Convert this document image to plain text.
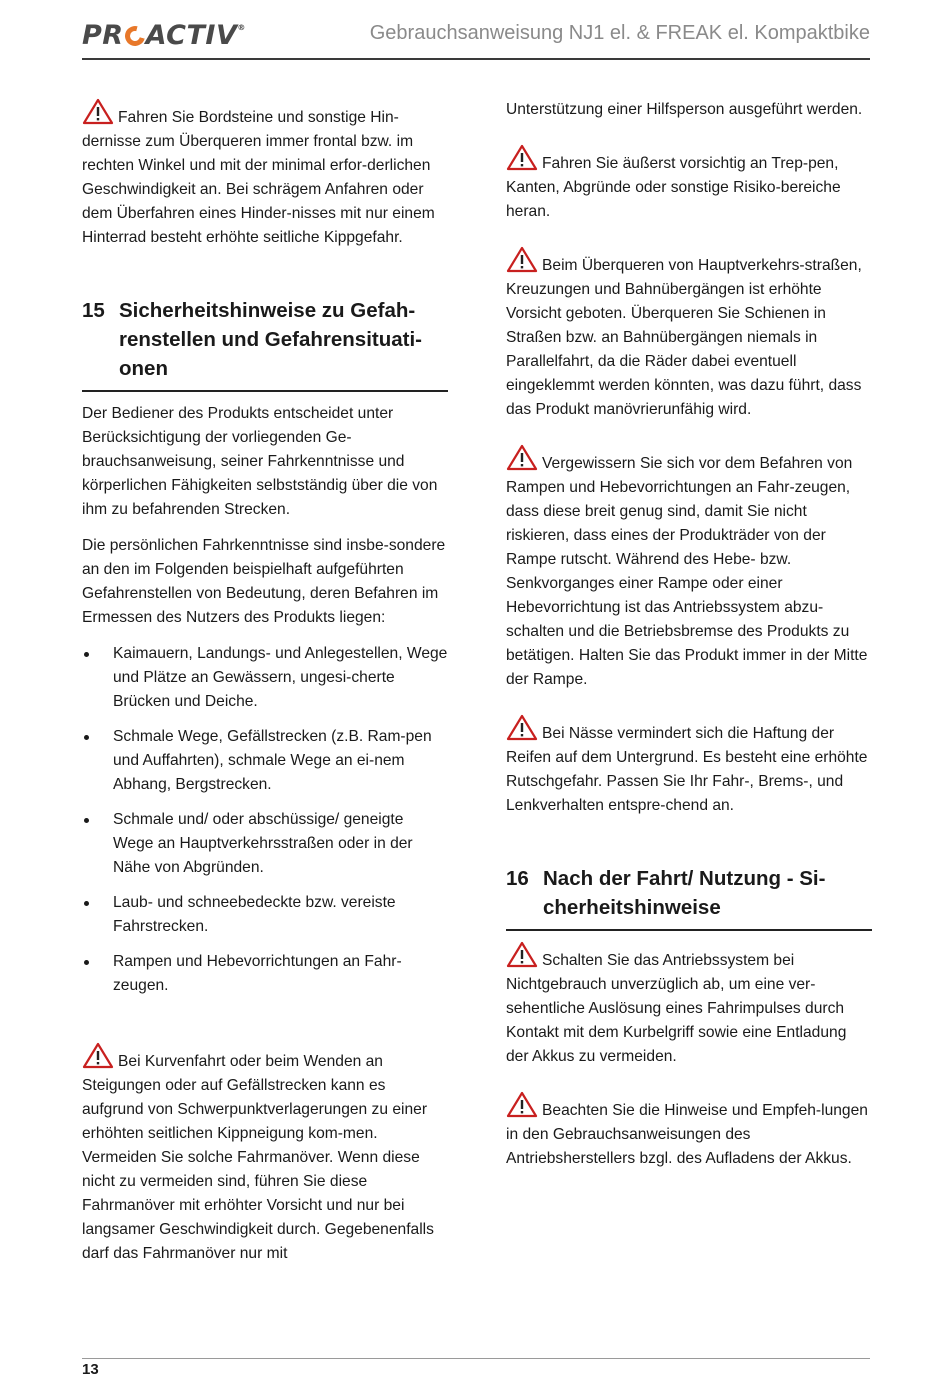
PR ACTIV®	Gebrauchsanweisung NJ1 el. & FREAK el. Kompaktbike

Fahren Sie Bordsteine und sonstige Hin-dernisse zum Überqueren immer frontal bzw. im rechten Winkel und mit der minimal erfor-derlichen Geschwindigkeit an. Bei schrägem Anfahren oder dem Überfahren eines Hinder-nisses mit nur einem Hinterrad besteht erhöhte seitliche Kippgefahr.

15 Sicherheitshinweise zu Gefah-renstellen und Gefahrensituati-onen

Der Bediener des Produkts entscheidet unter Berücksichtigung der vorliegenden Ge-brauchsanweisung, seiner Fahrkenntnisse und körperlichen Fähigkeiten selbstständig über die von ihm zu befahrenden Strecken.

Die persönlichen Fahrkenntnisse sind insbe-sondere an den im Folgenden beispielhaft aufgeführten Gefahrenstellen von Bedeutung, deren Befahren im Ermessen des Nutzers des Produkts liegen:

Kaimauern, Landungs- und Anlegestellen, Wege und Plätze an Gewässern, ungesi-cherte Brücken und Deiche.
Schmale Wege, Gefällstrecken (z.B. Ram-pen und Auffahrten), schmale Wege an ei-nem Abhang, Bergstrecken.
Schmale und/ oder abschüssige/ geneigte Wege an Hauptverkehrsstraßen oder in der Nähe von Abgründen.
Laub- und schneebedeckte bzw. vereiste Fahrstrecken.
Rampen und Hebevorrichtungen an Fahr-zeugen.

Bei Kurvenfahrt oder beim Wenden an Steigungen oder auf Gefällstrecken kann es aufgrund von Schwerpunktverlagerungen zu einer erhöhten seitlichen Kippneigung kom-men. Vermeiden Sie solche Fahrmanöver. Wenn diese nicht zu vermeiden sind, führen Sie diese Fahrmanöver mit erhöhter Vorsicht und nur bei langsamer Geschwindigkeit durch. Gegebenenfalls darf das Fahrmanöver nur mit

Unterstützung einer Hilfsperson ausgeführt werden.

Fahren Sie äußerst vorsichtig an Trep-pen, Kanten, Abgründe oder sonstige Risiko-bereiche heran.

Beim Überqueren von Hauptverkehrs-straßen, Kreuzungen und Bahnübergängen ist erhöhte Vorsicht geboten. Überqueren Sie Schienen in Straßen bzw. an Bahnübergängen niemals in Parallelfahrt, da die Räder dabei eventuell eingeklemmt werden könnten, was dazu führt, dass das Produkt manövrierunfähig wird.

Vergewissern Sie sich vor dem Befahren von Rampen und Hebevorrichtungen an Fahr-zeugen, dass diese breit genug sind, damit Sie nicht riskieren, dass eines der Produkträder von der Rampe rutscht. Während des Hebe- bzw. Senkvorganges einer Rampe oder einer Hebevorrichtung ist das Antriebssystem abzu-schalten und die Betriebsbremse des Produkts zu betätigen. Halten Sie das Produkt immer in der Mitte der Rampe.

Bei Nässe vermindert sich die Haftung der Reifen auf dem Untergrund. Es besteht eine erhöhte Rutschgefahr. Passen Sie Ihr Fahr-, Brems-, und Lenkverhalten entspre-chend an.

16 Nach der Fahrt/ Nutzung - Si-cherheitshinweise

Schalten Sie das Antriebssystem bei Nichtgebrauch unverzüglich ab, um eine ver-sehentliche Auslösung eines Fahrimpulses durch Kontakt mit dem Kurbelgriff sowie eine Entladung der Akkus zu vermeiden.

Beachten Sie die Hinweise und Empfeh-lungen in den Gebrauchsanweisungen des Antriebsherstellers bzgl. des Aufladens der Akkus.

13
